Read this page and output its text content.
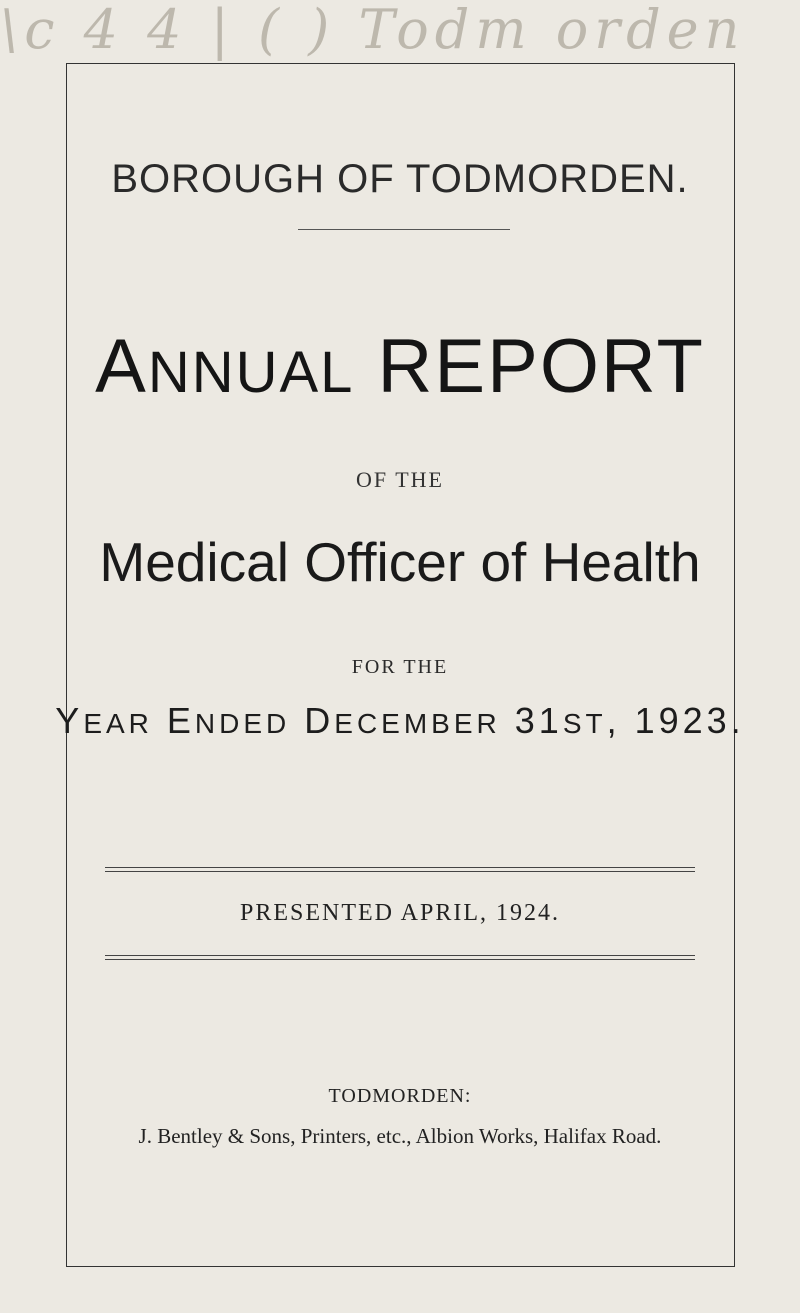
\c 4 4 | ( ) Todm orden
BOROUGH OF TODMORDEN.
ANNUAL REPORT
OF THE
Medical Officer of Health
FOR THE
YEAR ENDED DECEMBER 31ST, 1923.
PRESENTED APRIL, 1924.
TODMORDEN:
J. Bentley & Sons, Printers, etc., Albion Works, Halifax Road.
